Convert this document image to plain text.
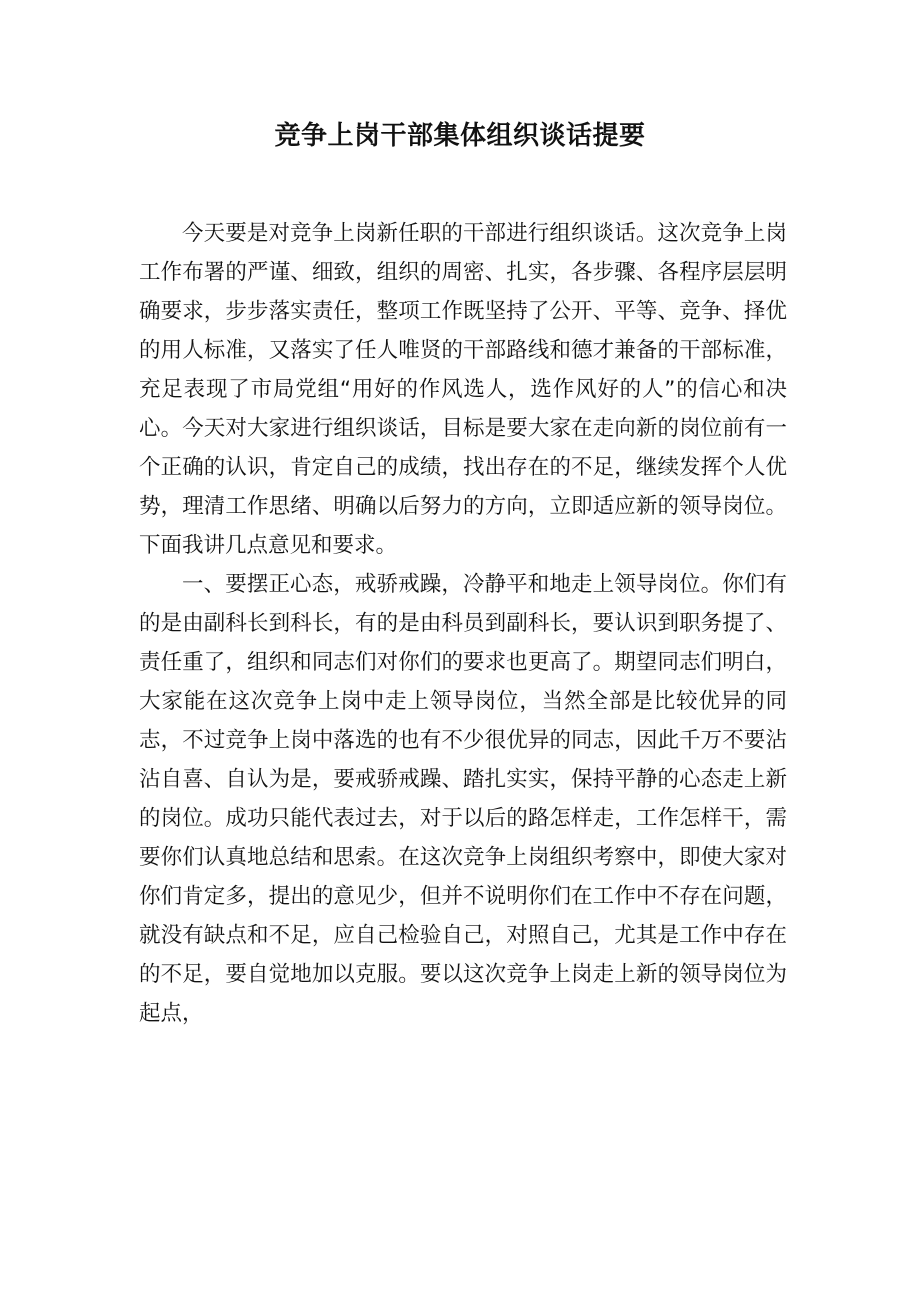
竞争上岗干部集体组织谈话提要

今天要是对竞争上岗新任职的干部进行组织谈话。这次竞争上岗工作布署的严谨、细致，组织的周密、扎实，各步骤、各程序层层明确要求，步步落实责任，整项工作既坚持了公开、平等、竞争、择优的用人标准，又落实了任人唯贤的干部路线和德才兼备的干部标准，充足表现了市局党组“用好的作风选人，选作风好的人”的信心和决心。今天对大家进行组织谈话，目标是要大家在走向新的岗位前有一个正确的认识，肯定自己的成绩，找出存在的不足，继续发挥个人优势，理清工作思绪、明确以后努力的方向，立即适应新的领导岗位。下面我讲几点意见和要求。

一、要摆正心态，戒骄戒躁，冷静平和地走上领导岗位。你们有的是由副科长到科长，有的是由科员到副科长，要认识到职务提了、责任重了，组织和同志们对你们的要求也更高了。期望同志们明白，大家能在这次竞争上岗中走上领导岗位，当然全部是比较优异的同志，不过竞争上岗中落选的也有不少很优异的同志，因此千万不要沾沾自喜、自认为是，要戒骄戒躁、踏扎实实，保持平静的心态走上新的岗位。成功只能代表过去，对于以后的路怎样走，工作怎样干，需要你们认真地总结和思索。在这次竞争上岗组织考察中，即使大家对你们肯定多，提出的意见少，但并不说明你们在工作中不存在问题，就没有缺点和不足，应自己检验自己，对照自己，尤其是工作中存在的不足，要自觉地加以克服。要以这次竞争上岗走上新的领导岗位为起点，
